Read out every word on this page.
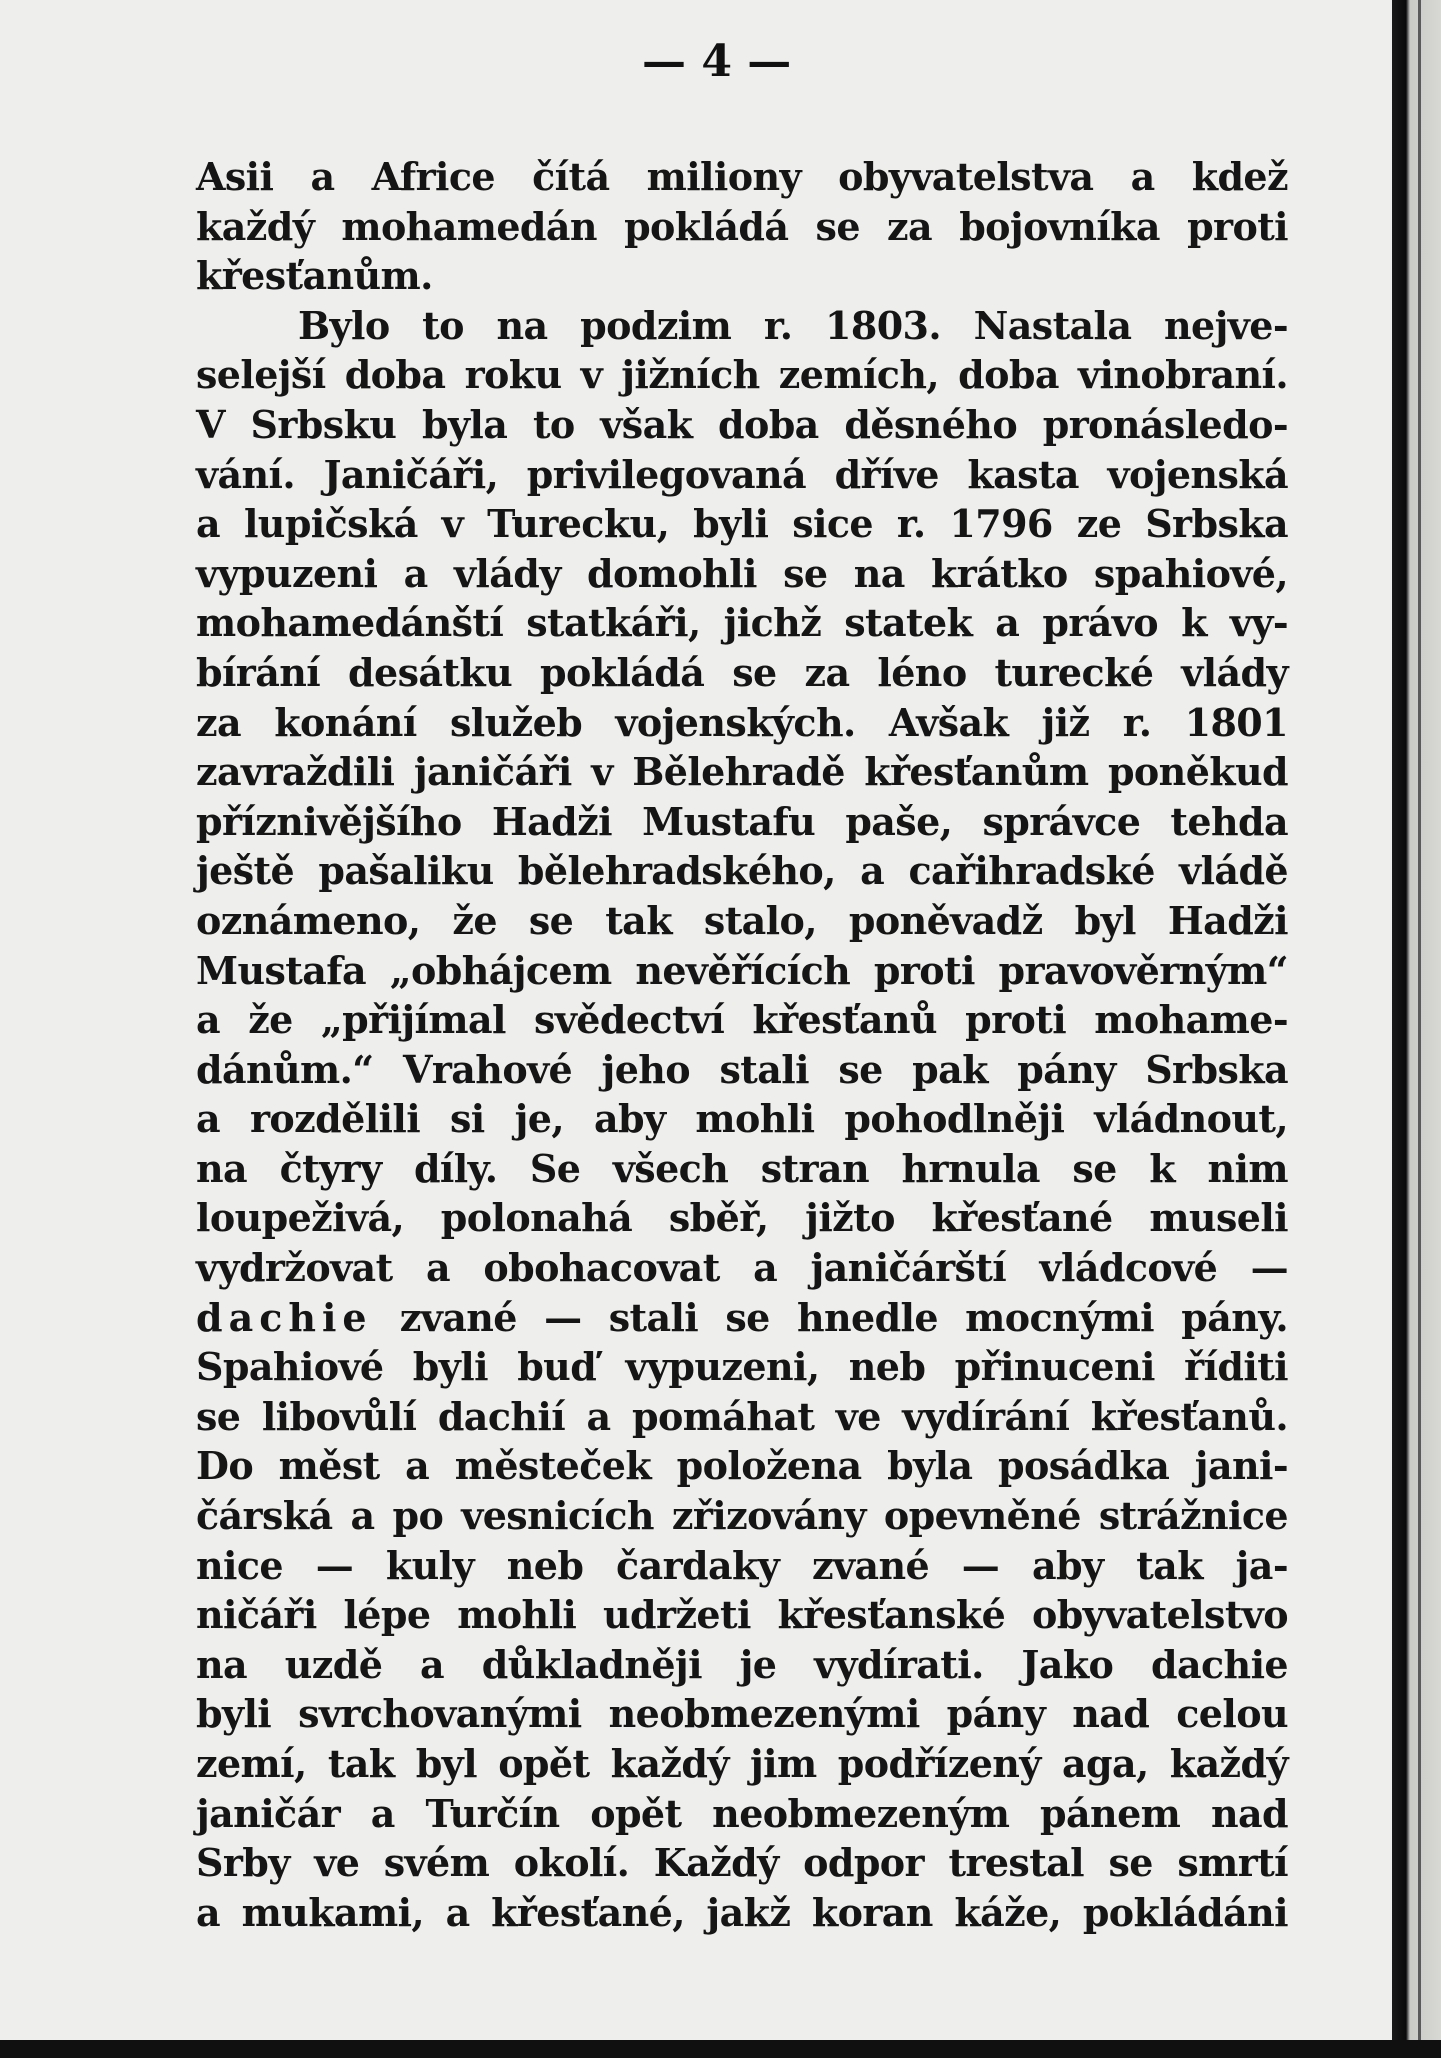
— 4 —
Asii a Africe čítá miliony obyvatelstva a kdež
každý mohamedán pokládá se za bojovníka proti
křesťanům.
Bylo to na podzim r. 1803. Nastala nejve-
selejší doba roku v jižních zemích, doba vinobraní.
V Srbsku byla to však doba děsného pronásledo-
vání. Janičáři, privilegovaná dříve kasta vojenská
a lupičská v Turecku, byli sice r. 1796 ze Srbska
vypuzeni a vlády domohli se na krátko spahiové,
mohamedánští statkáři, jichž statek a právo k vy-
bírání desátku pokládá se za léno turecké vlády
za konání služeb vojenských. Avšak již r. 1801
zavraždili janičáři v Bělehradě křesťanům poněkud
příznivějšího Hadži Mustafu paše, správce tehda
ještě pašaliku bělehradského, a cařihradské vládě
oznámeno, že se tak stalo, poněvadž byl Hadži
Mustafa „obhájcem nevěřících proti pravověrným“
a že „přijímal svědectví křesťanů proti mohame-
dánům.“ Vrahové jeho stali se pak pány Srbska
a rozdělili si je, aby mohli pohodlněji vládnout,
na čtyry díly. Se všech stran hrnula se k nim
loupeživá, polonahá sběř, jižto křesťané museli
vydržovat a obohacovat a janičárští vládcové —
dachie zvané — stali se hnedle mocnými pány.
Spahiové byli buď vypuzeni, neb přinuceni říditi
se libovůlí dachií a pomáhat ve vydírání křesťanů.
Do měst a městeček položena byla posádka jani-
čárská a po vesnicích zřizovány opevněné strážnice
nice — kuly neb čardaky zvané — aby tak ja-
ničáři lépe mohli udržeti křesťanské obyvatelstvo
na uzdě a důkladněji je vydírati. Jako dachie
byli svrchovanými neobmezenými pány nad celou
zemí, tak byl opět každý jim podřízený aga, každý
janičár a Turčín opět neobmezeným pánem nad
Srby ve svém okolí. Každý odpor trestal se smrtí
a mukami, a křesťané, jakž koran káže, pokládáni
